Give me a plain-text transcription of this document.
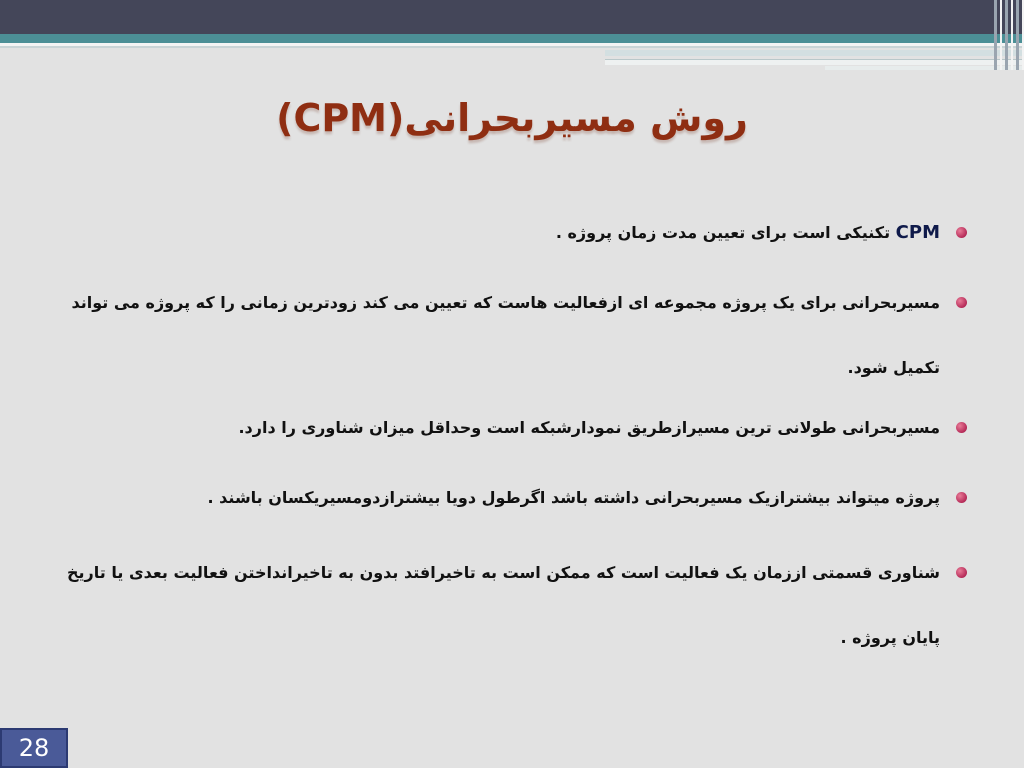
روش مسیربحرانی(CPM)
CPM تکنیکی است برای تعیین مدت زمان پروژه .
مسیربحرانی برای یک پروژه مجموعه ای ازفعالیت هاست که تعیین می کند زودترین زمانی را که پروژه می تواند تکمیل شود.
مسیربحرانی طولانی ترین مسیرازطریق نمودارشبکه است وحداقل میزان شناوری را دارد.
پروژه میتواند بیشترازیک مسیربحرانی داشته باشد اگرطول دویا بیشترازدومسیریکسان باشند .
شناوری قسمتی اززمان یک فعالیت است که ممکن است به تاخیرافتد بدون به تاخیرانداختن فعالیت بعدی یا تاریخ پایان پروژه .
28
